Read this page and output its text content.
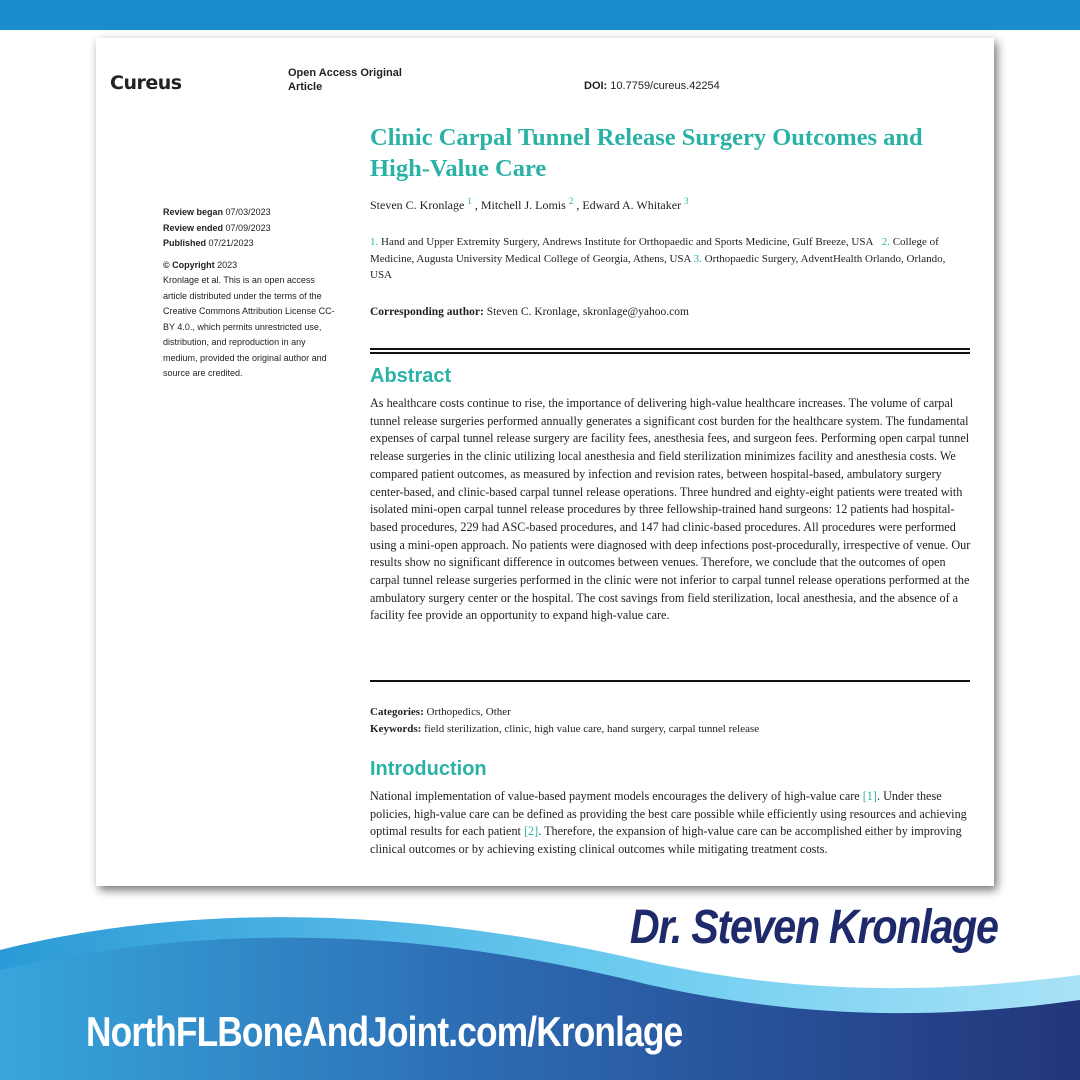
Cureus	Open Access Original
Article	DOI: 10.7759/cureus.42254
Clinic Carpal Tunnel Release Surgery Outcomes and High-Value Care
Steven C. Kronlage $^1$ , Mitchell J. Lomis $^2$ , Edward A. Whitaker $^3$
1. Hand and Upper Extremity Surgery, Andrews Institute for Orthopaedic and Sports Medicine, Gulf Breeze, USA 2. College of Medicine, Augusta University Medical College of Georgia, Athens, USA 3. Orthopaedic Surgery, AdventHealth Orlando, Orlando, USA
Corresponding author: Steven C. Kronlage, skronlage@yahoo.com
Abstract
As healthcare costs continue to rise, the importance of delivering high-value healthcare increases. The volume of carpal tunnel release surgeries performed annually generates a significant cost burden for the healthcare system. The fundamental expenses of carpal tunnel release surgery are facility fees, anesthesia fees, and surgeon fees. Performing open carpal tunnel release surgeries in the clinic utilizing local anesthesia and field sterilization minimizes facility and anesthesia costs. We compared patient outcomes, as measured by infection and revision rates, between hospital-based, ambulatory surgery center-based, and clinic-based carpal tunnel release operations. Three hundred and eighty-eight patients were treated with isolated mini-open carpal tunnel release procedures by three fellowship-trained hand surgeons: 12 patients had hospital-based procedures, 229 had ASC-based procedures, and 147 had clinic-based procedures. All procedures were performed using a mini-open approach. No patients were diagnosed with deep infections post-procedurally, irrespective of venue. Our results show no significant difference in outcomes between venues. Therefore, we conclude that the outcomes of open carpal tunnel release surgeries performed in the clinic were not inferior to carpal tunnel release operations performed at the ambulatory surgery center or the hospital. The cost savings from field sterilization, local anesthesia, and the absence of a facility fee provide an opportunity to expand high-value care.
Categories: Orthopedics, Other
Keywords: field sterilization, clinic, high value care, hand surgery, carpal tunnel release
Introduction
National implementation of value-based payment models encourages the delivery of high-value care [1]. Under these policies, high-value care can be defined as providing the best care possible while efficiently using resources and achieving optimal results for each patient [2]. Therefore, the expansion of high-value care can be accomplished either by improving clinical outcomes or by achieving existing clinical outcomes while mitigating treatment costs.
Review began 07/03/2023
Review ended 07/09/2023
Published 07/21/2023
© Copyright 2023
Kronlage et al. This is an open access article distributed under the terms of the Creative Commons Attribution License CC-BY 4.0., which permits unrestricted use, distribution, and reproduction in any medium, provided the original author and source are credited.
Dr. Steven Kronlage
NorthFLBoneAndJoint.com/Kronlage
